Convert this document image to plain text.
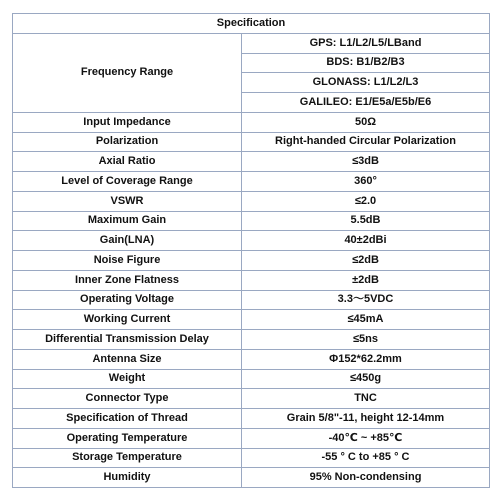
Specification	
Frequency Range	GPS: L1/L2/L5/LBand
	BDS: B1/B2/B3
	GLONASS: L1/L2/L3
	GALILEO: E1/E5a/E5b/E6
Input Impedance	50Ω
Polarization	Right-handed Circular Polarization
Axial Ratio	≤3dB
Level of Coverage Range	360°
VSWR	≤2.0
Maximum Gain	5.5dB
Gain(LNA)	40±2dBi
Noise Figure	≤2dB
Inner Zone Flatness	±2dB
Operating Voltage	3.3～5VDC
Working Current	≤45mA
Differential Transmission Delay	≤5ns
Antenna Size	Φ152*62.2mm
Weight	≤450g
Connector Type	TNC
Specification of Thread	Grain 5/8"-11, height 12-14mm
Operating Temperature	-40℃ ~ +85℃
Storage Temperature	-55 ° C to +85 ° C
Humidity	95% Non-condensing
